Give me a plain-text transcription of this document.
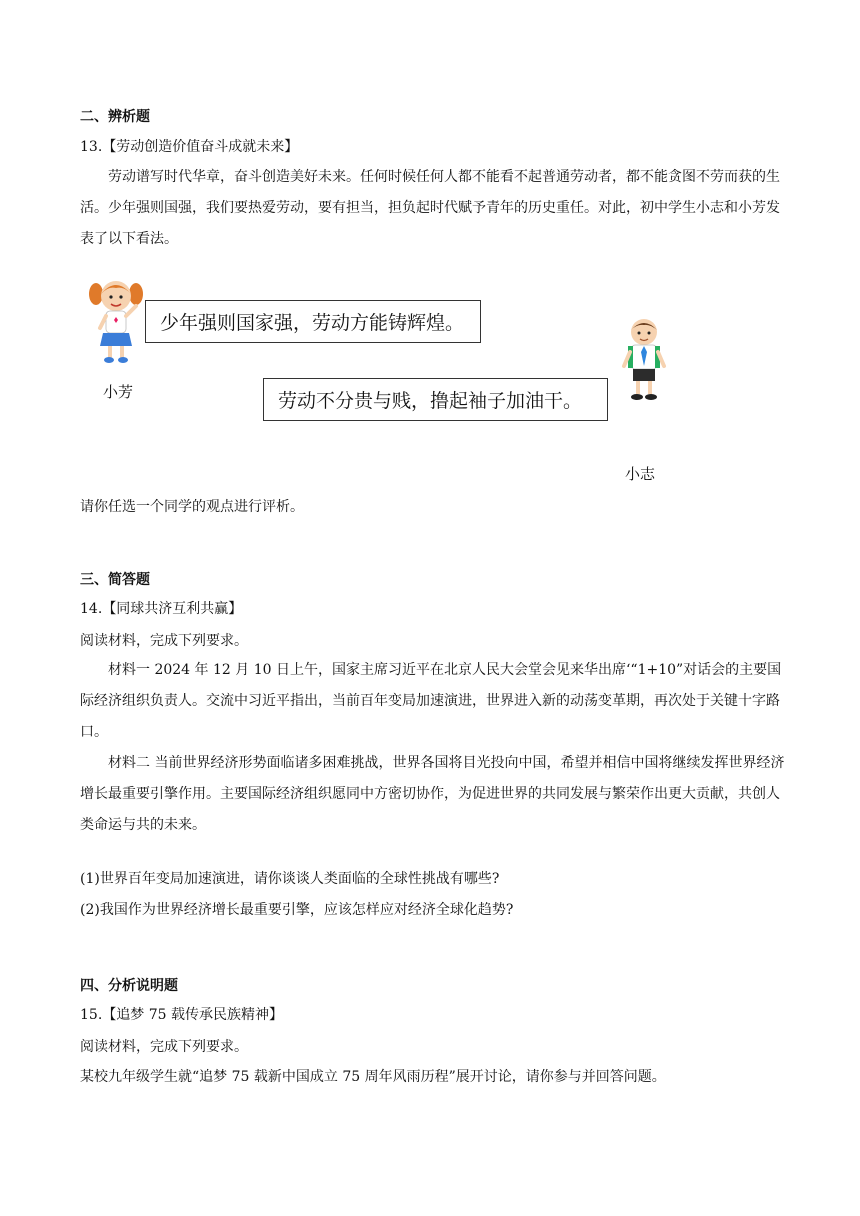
二、辨析题
13.【劳动创造价值奋斗成就未来】

劳动谱写时代华章，奋斗创造美好未来。任何时候任何人都不能看不起普通劳动者，都不能贪图不劳而获的生活。少年强则国强，我们要热爱劳动，要有担当，担负起时代赋予青年的历史重任。对此，初中学生小志和小芳发表了以下看法。

少年强则国家强，劳动方能铸辉煌。
小芳	劳动不分贵与贱，撸起袖子加油干。
小志
请你任选一个同学的观点进行评析。
三、简答题
14.【同球共济互利共赢】
阅读材料，完成下列要求。

材料一 2024 年 12 月 10 日上午，国家主席习近平在北京人民大会堂会见来华出席‘“1+10”对话会的主要国际经济组织负责人。交流中习近平指出，当前百年变局加速演进，世界进入新的动荡变革期，再次处于关键十字路口。

材料二 当前世界经济形势面临诸多困难挑战，世界各国将目光投向中国，希望并相信中国将继续发挥世界经济增长最重要引擎作用。主要国际经济组织愿同中方密切协作，为促进世界的共同发展与繁荣作出更大贡献，共创人类命运与共的未来。

(1)世界百年变局加速演进，请你谈谈人类面临的全球性挑战有哪些?
(2)我国作为世界经济增长最重要引擎，应该怎样应对经济全球化趋势?
四、分析说明题
15.【追梦 75 载传承民族精神】
阅读材料，完成下列要求。
某校九年级学生就“追梦 75 载新中国成立 75 周年风雨历程”展开讨论，请你参与并回答问题。
